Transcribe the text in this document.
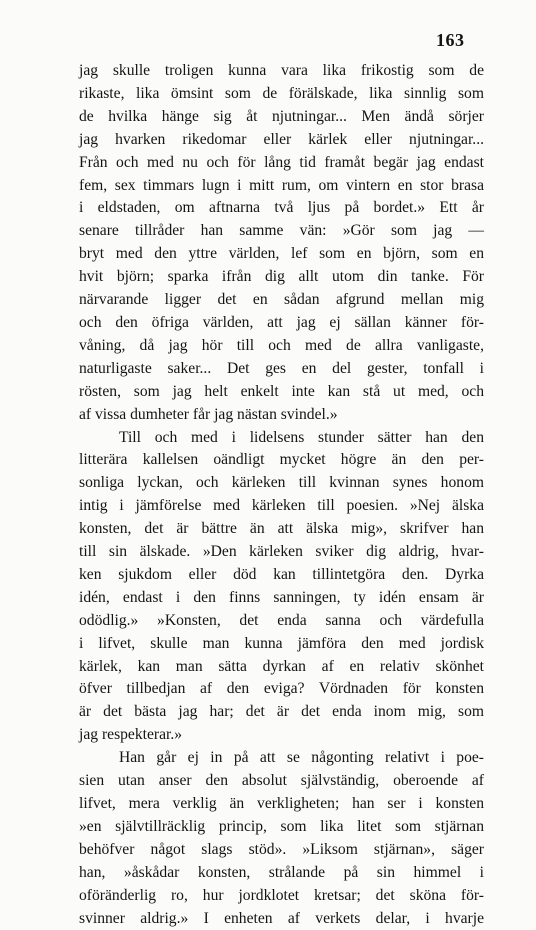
163
jag skulle troligen kunna vara lika frikostig som de
rikaste, lika ömsint som de förälskade, lika sinnlig som
de hvilka hänge sig åt njutningar... Men ändå sörjer
jag hvarken rikedomar eller kärlek eller njutningar...
Från och med nu och för lång tid framåt begär jag endast
fem, sex timmars lugn i mitt rum, om vintern en stor brasa
i eldstaden, om aftnarna två ljus på bordet.» Ett år
senare tillråder han samme vän: »Gör som jag —
bryt med den yttre världen, lef som en björn, som en
hvit björn; sparka ifrån dig allt utom din tanke. För
närvarande ligger det en sådan afgrund mellan mig
och den öfriga världen, att jag ej sällan känner för-
våning, då jag hör till och med de allra vanligaste,
naturligaste saker... Det ges en del gester, tonfall i
rösten, som jag helt enkelt inte kan stå ut med, och
af vissa dumheter får jag nästan svindel.»
Till och med i lidelsens stunder sätter han den
litterära kallelsen oändligt mycket högre än den per-
sonliga lyckan, och kärleken till kvinnan synes honom
intig i jämförelse med kärleken till poesien. »Nej älska
konsten, det är bättre än att älska mig», skrifver han
till sin älskade. »Den kärleken sviker dig aldrig, hvar-
ken sjukdom eller död kan tillintetgöra den. Dyrka
idén, endast i den finns sanningen, ty idén ensam är
odödlig.» »Konsten, det enda sanna och värdefulla
i lifvet, skulle man kunna jämföra den med jordisk
kärlek, kan man sätta dyrkan af en relativ skönhet
öfver tillbedjan af den eviga? Vördnaden för konsten
är det bästa jag har; det är det enda inom mig, som
jag respekterar.»
Han går ej in på att se någonting relativt i poe-
sien utan anser den absolut självständig, oberoende af
lifvet, mera verklig än verkligheten; han ser i konsten
»en självtillräcklig princip, som lika litet som stjärnan
behöfver något slags stöd». »Liksom stjärnan», säger
han, »åskådar konsten, strålande på sin himmel i
oföränderlig ro, hur jordklotet kretsar; det sköna för-
svinner aldrig.» I enheten af verkets delar, i hvarje
